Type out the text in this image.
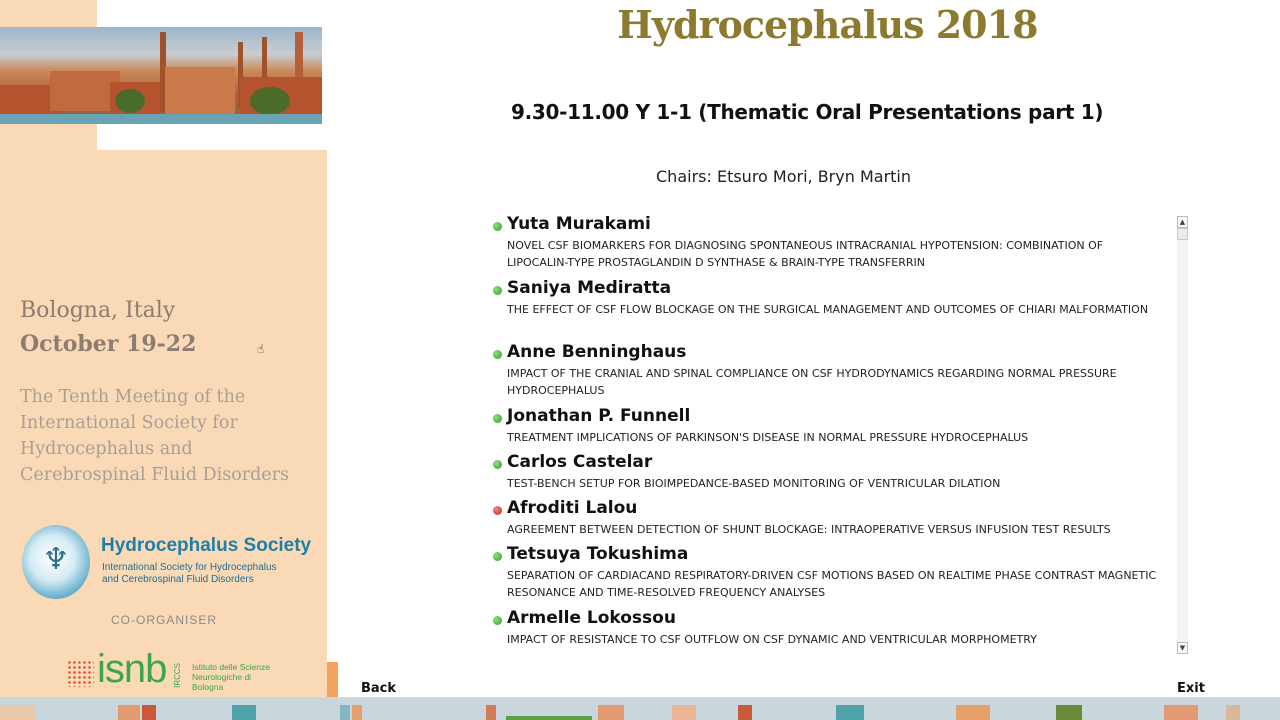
Bologna, Italy
October 19-22
The Tenth Meeting of the International Society for Hydrocephalus and Cerebrospinal Fluid Disorders
♆ Hydrocephalus Society
International Society for Hydrocephalus
and Cerebrospinal Fluid Disorders
CO-ORGANISER
isnb IRCCS Istituto delle Scienze Neurologiche di Bologna
☝
Hydrocephalus 2018
9.30-11.00 Y 1-1 (Thematic Oral Presentations part 1)
Chairs: Etsuro Mori, Bryn Martin
Yuta Murakami
NOVEL CSF BIOMARKERS FOR DIAGNOSING SPONTANEOUS INTRACRANIAL HYPOTENSION: COMBINATION OF LIPOCALIN-TYPE PROSTAGLANDIN D SYNTHASE & BRAIN-TYPE TRANSFERRIN
Saniya Mediratta
THE EFFECT OF CSF FLOW BLOCKAGE ON THE SURGICAL MANAGEMENT AND OUTCOMES OF CHIARI MALFORMATION
Anne Benninghaus
IMPACT OF THE CRANIAL AND SPINAL COMPLIANCE ON CSF HYDRODYNAMICS REGARDING NORMAL PRESSURE HYDROCEPHALUS
Jonathan P. Funnell
TREATMENT IMPLICATIONS OF PARKINSON'S DISEASE IN NORMAL PRESSURE HYDROCEPHALUS
Carlos Castelar
TEST-BENCH SETUP FOR BIOIMPEDANCE-BASED MONITORING OF VENTRICULAR DILATION
Afroditi Lalou
AGREEMENT BETWEEN DETECTION OF SHUNT BLOCKAGE: INTRAOPERATIVE VERSUS INFUSION TEST RESULTS
Tetsuya Tokushima
SEPARATION OF CARDIACAND RESPIRATORY-DRIVEN CSF MOTIONS BASED ON REALTIME PHASE CONTRAST MAGNETIC RESONANCE AND TIME-RESOLVED FREQUENCY ANALYSES
Armelle Lokossou
IMPACT OF RESISTANCE TO CSF OUTFLOW ON CSF DYNAMIC AND VENTRICULAR MORPHOMETRY
▲
▼
Back	Exit
